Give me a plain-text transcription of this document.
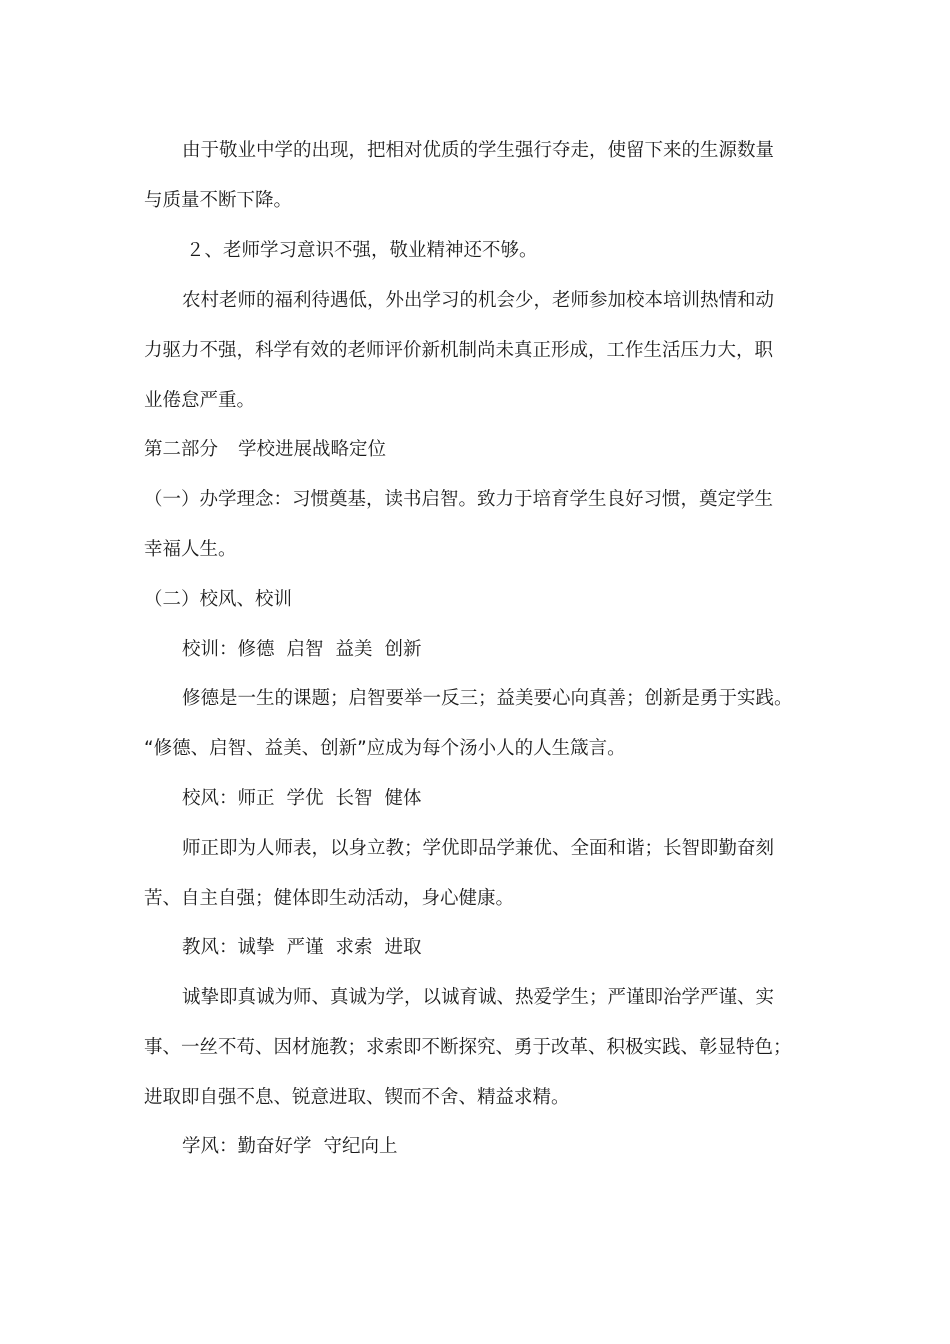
由于敬业中学的出现，把相对优质的学生强行夺走，使留下来的生源数量
与质量不断下降。
２、老师学习意识不强，敬业精神还不够。
农村老师的福利待遇低，外出学习的机会少，老师参加校本培训热情和动
力驱力不强，科学有效的老师评价新机制尚未真正形成，工作生活压力大，职
业倦怠严重。
第二部分 学校进展战略定位
（一）办学理念：习惯奠基，读书启智。致力于培育学生良好习惯，奠定学生
幸福人生。
（二）校风、校训
校训：修德 启智 益美 创新
修德是一生的课题；启智要举一反三；益美要心向真善；创新是勇于实践。
“修德、启智、益美、创新”应成为每个汤小人的人生箴言。
校风：师正 学优 长智 健体
师正即为人师表，以身立教；学优即品学兼优、全面和谐；长智即勤奋刻
苦、自主自强；健体即生动活动，身心健康。
教风：诚挚 严谨 求索 进取
诚挚即真诚为师、真诚为学，以诚育诚、热爱学生；严谨即治学严谨、实
事、一丝不苟、因材施教；求索即不断探究、勇于改革、积极实践、彰显特色；
进取即自强不息、锐意进取、锲而不舍、精益求精。
学风：勤奋好学 守纪向上
